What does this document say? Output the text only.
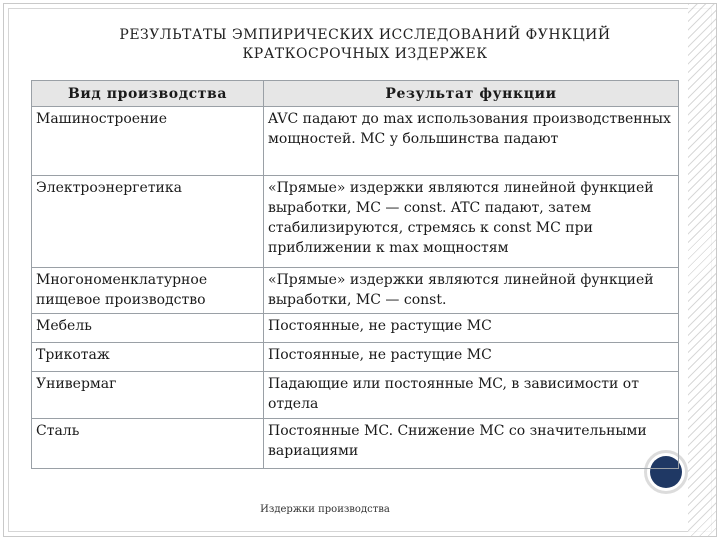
РЕЗУЛЬТАТЫ ЭМПИРИЧЕСКИХ ИССЛЕДОВАНИЙ ФУНКЦИЙ КРАТКОСРОЧНЫХ ИЗДЕРЖЕК
Вид производства	Результат функции
Машиностроение	AVC падают до max использования производственных мощностей. MC у большинства падают
Электроэнергетика	«Прямые» издержки являются линейной функцией выработки, MC — const. ATC падают, затем стабилизируются, стремясь к const MC при приближении к max мощностям
Многономенклатурное пищевое производство	«Прямые» издержки являются линейной функцией выработки, MC — const.
Мебель	Постоянные, не растущие MC
Трикотаж	Постоянные, не растущие MC
Универмаг	Падающие или постоянные MC, в зависимости от отдела
Сталь	Постоянные MC. Снижение MC со значительными вариациями
Издержки производства
